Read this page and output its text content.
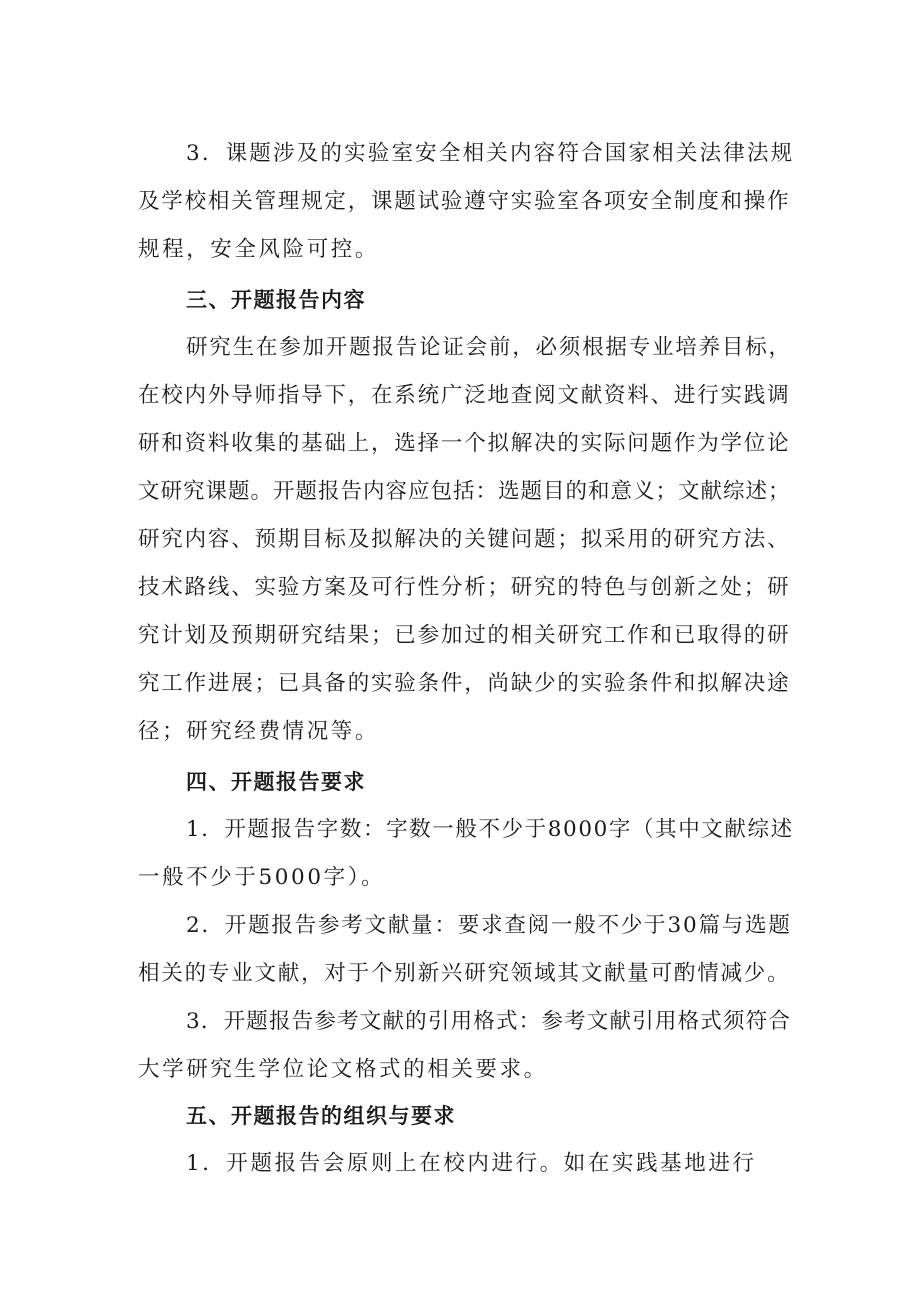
3．课题涉及的实验室安全相关内容符合国家相关法律法规
及学校相关管理规定，课题试验遵守实验室各项安全制度和操作
规程，安全风险可控。
三、开题报告内容
研究生在参加开题报告论证会前，必须根据专业培养目标，
在校内外导师指导下，在系统广泛地查阅文献资料、进行实践调
研和资料收集的基础上，选择一个拟解决的实际问题作为学位论
文研究课题。开题报告内容应包括：选题目的和意义；文献综述；
研究内容、预期目标及拟解决的关键问题；拟采用的研究方法、
技术路线、实验方案及可行性分析；研究的特色与创新之处；研
究计划及预期研究结果；已参加过的相关研究工作和已取得的研
究工作进展；已具备的实验条件，尚缺少的实验条件和拟解决途
径；研究经费情况等。
四、开题报告要求
1．开题报告字数：字数一般不少于8000字（其中文献综述
一般不少于5000字）。
2．开题报告参考文献量：要求查阅一般不少于30篇与选题
相关的专业文献，对于个别新兴研究领域其文献量可酌情减少。
3．开题报告参考文献的引用格式：参考文献引用格式须符合
大学研究生学位论文格式的相关要求。
五、开题报告的组织与要求
1．开题报告会原则上在校内进行。如在实践基地进行
